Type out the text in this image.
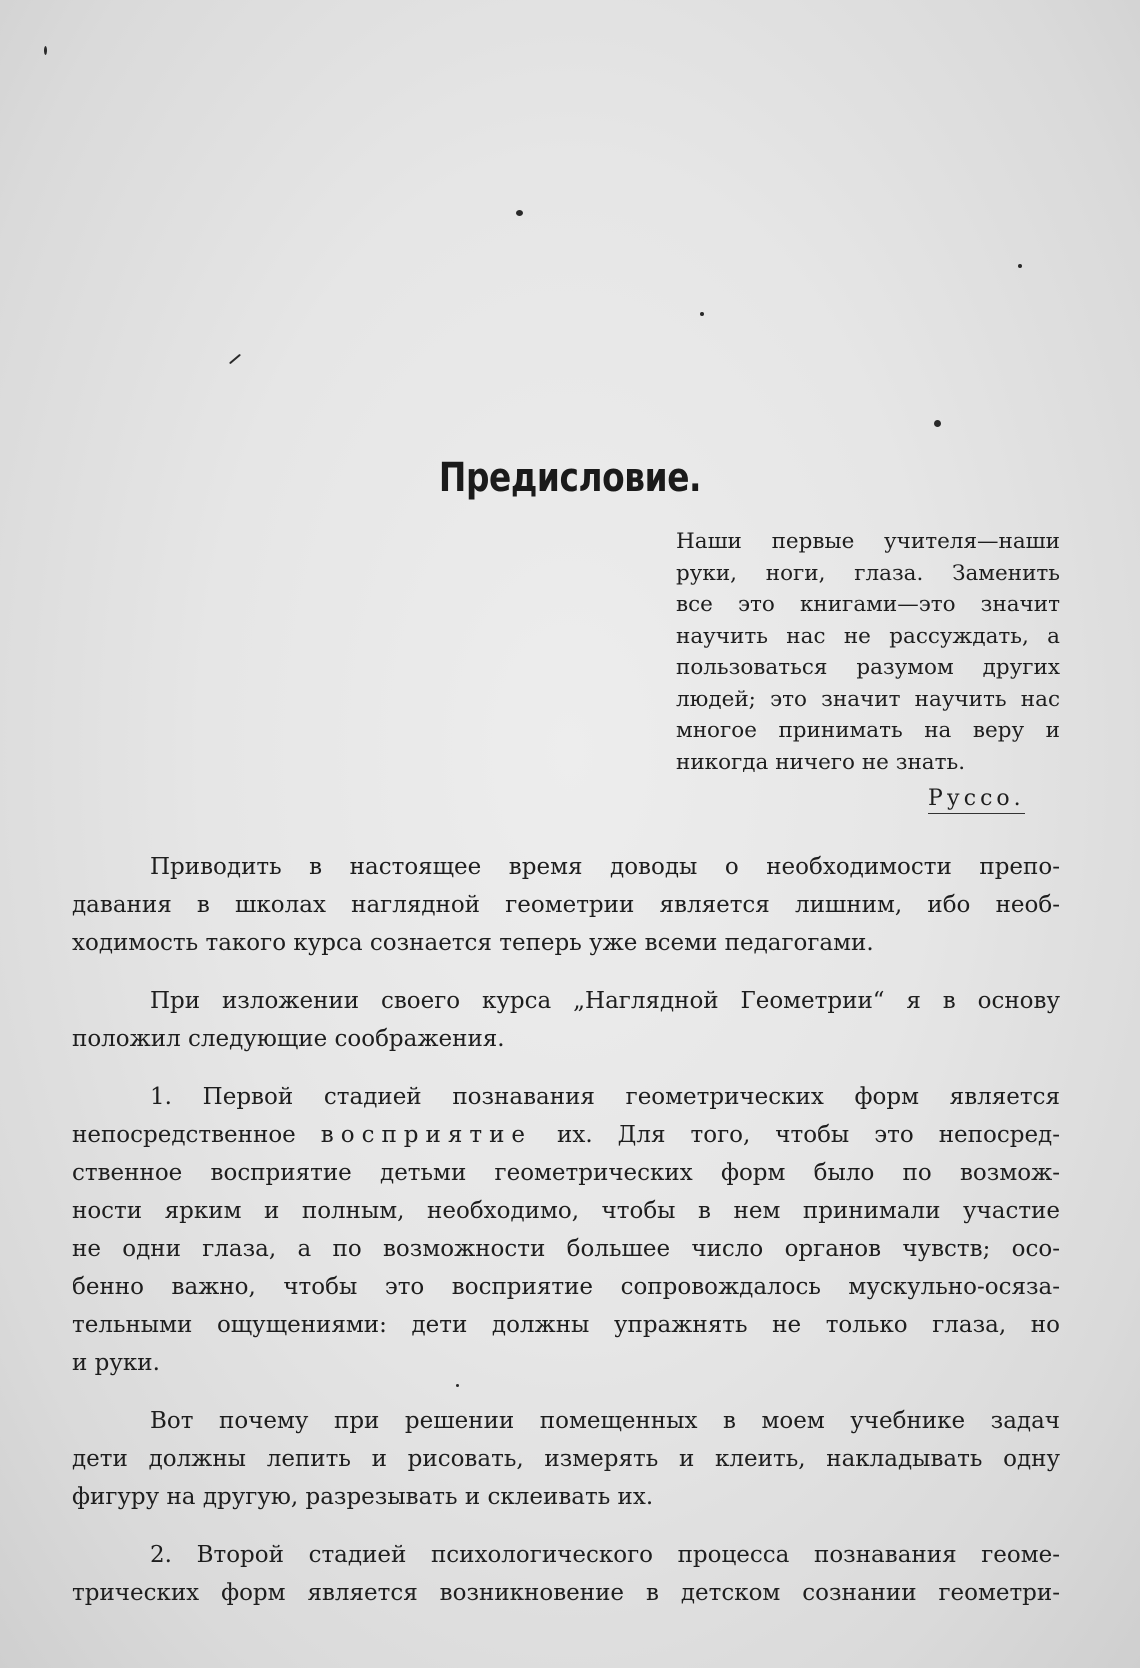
Предисловие.
Наши первые учителя—наши
руки, ноги, глаза. Заменить
все это книгами—это значит
научить нас не рассуждать, а
пользоваться разумом других
людей; это значит научить нас
многое принимать на веру и
никогда ничего не знать.
Руссо.
Приводить в настоящее время доводы о необходимости препо-
давания в школах наглядной геометрии является лишним, ибо необ-
ходимость такого курса сознается теперь уже всеми педагогами.
При изложении своего курса „Наглядной Геометрии“ я в основу
положил следующие соображения.
1. Первой стадией познавания геометрических форм является
непосредственное восприятие их. Для того, чтобы это непосред-
ственное восприятие детьми геометрических форм было по возмож-
ности ярким и полным, необходимо, чтобы в нем принимали участие
не одни глаза, а по возможности большее число органов чувств; осо-
бенно важно, чтобы это восприятие сопровождалось мускульно-осяза-
тельными ощущениями: дети должны упражнять не только глаза, но
и руки.
Вот почему при решении помещенных в моем учебнике задач
дети должны лепить и рисовать, измерять и клеить, накладывать одну
фигуру на другую, разрезывать и склеивать их.
2. Второй стадией психологического процесса познавания геоме-
трических форм является возникновение в детском сознании геометри-
